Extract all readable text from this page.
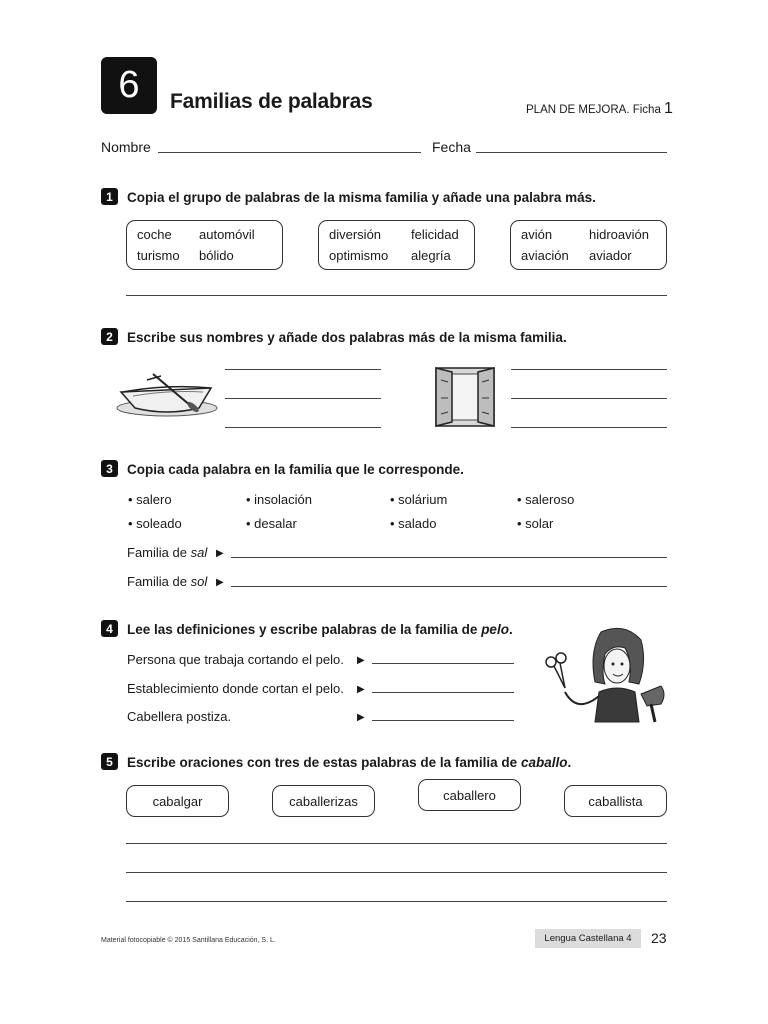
6	Familias de palabras	PLAN DE MEJORA. Ficha 1
Nombre	Fecha
1	Copia el grupo de palabras de la misma familia y añade una palabra más.
coche automóvil
turismo bólido
diversión felicidad
optimismo alegría
avión	hidroavión
aviación aviador
2	Escribe sus nombres y añade dos palabras más de la misma familia.
3	Copia cada palabra en la familia que le corresponde.
• salero	• insolación	• solárium	• saleroso
• soleado	• desalar	• salado	• solar
Familia de sal ▶
Familia de sol ▶
4	Lee las definiciones y escribe palabras de la familia de pelo.
Persona que trabaja cortando el pelo. ▶
Establecimiento donde cortan el pelo. ▶
Cabellera postiza.	▶
5	Escribe oraciones con tres de estas palabras de la familia de caballo.
cabalgar	caballerizas	caballero	caballista
Material fotocopiable © 2015 Santillana Educación, S. L.	Lengua Castellana 4	23
